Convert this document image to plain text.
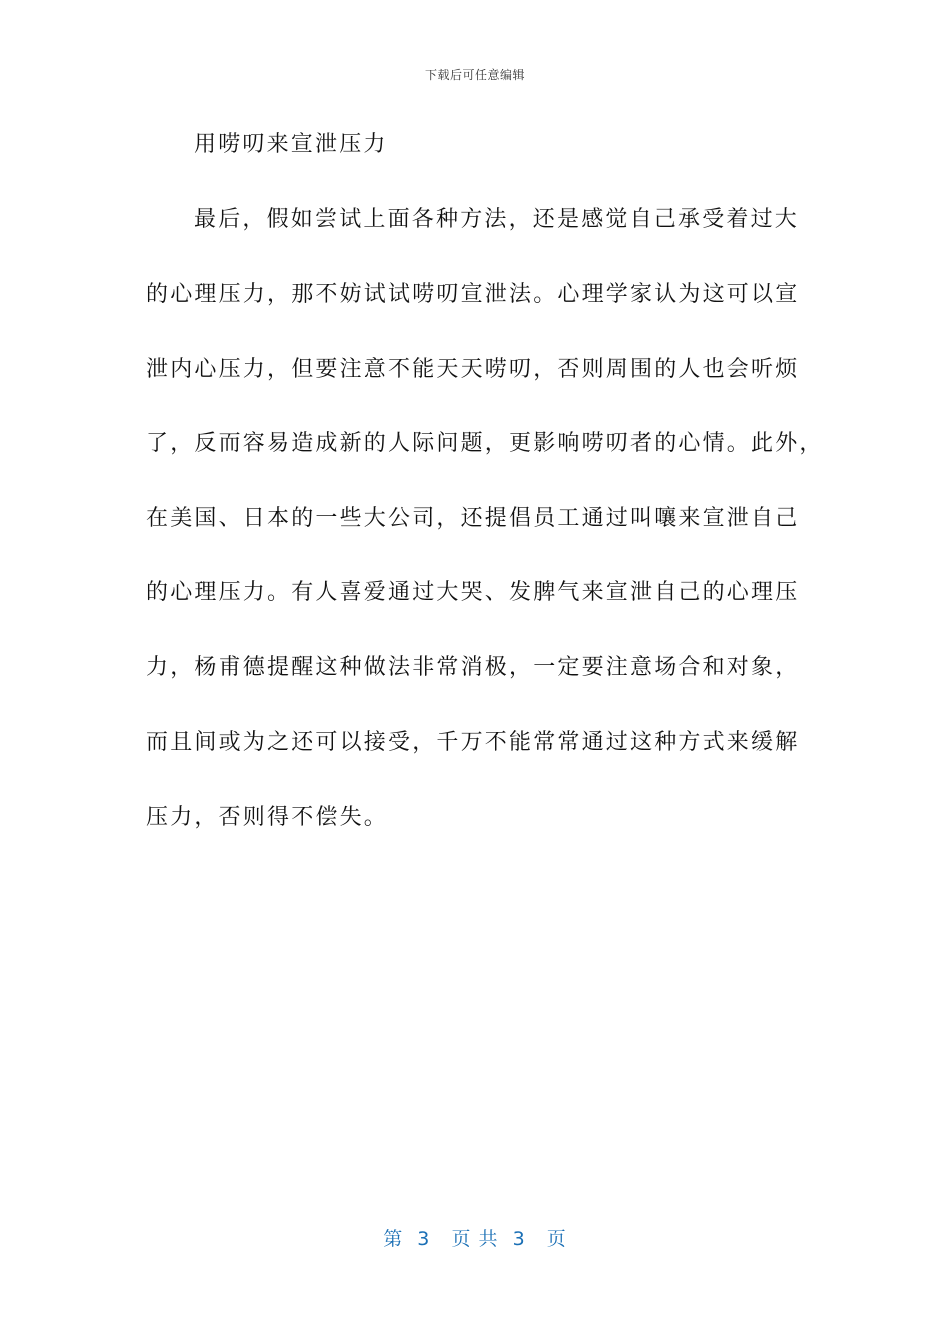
下载后可任意编辑
用唠叨来宣泄压力
最后，假如尝试上面各种方法，还是感觉自己承受着过大
的心理压力，那不妨试试唠叨宣泄法。心理学家认为这可以宣
泄内心压力，但要注意不能天天唠叨，否则周围的人也会听烦
了，反而容易造成新的人际问题，更影响唠叨者的心情。此外，
在美国、日本的一些大公司，还提倡员工通过叫嚷来宣泄自己
的心理压力。有人喜爱通过大哭、发脾气来宣泄自己的心理压
力，杨甫德提醒这种做法非常消极，一定要注意场合和对象，
而且间或为之还可以接受，千万不能常常通过这种方式来缓解
压力，否则得不偿失。
第  3   页 共  3   页
